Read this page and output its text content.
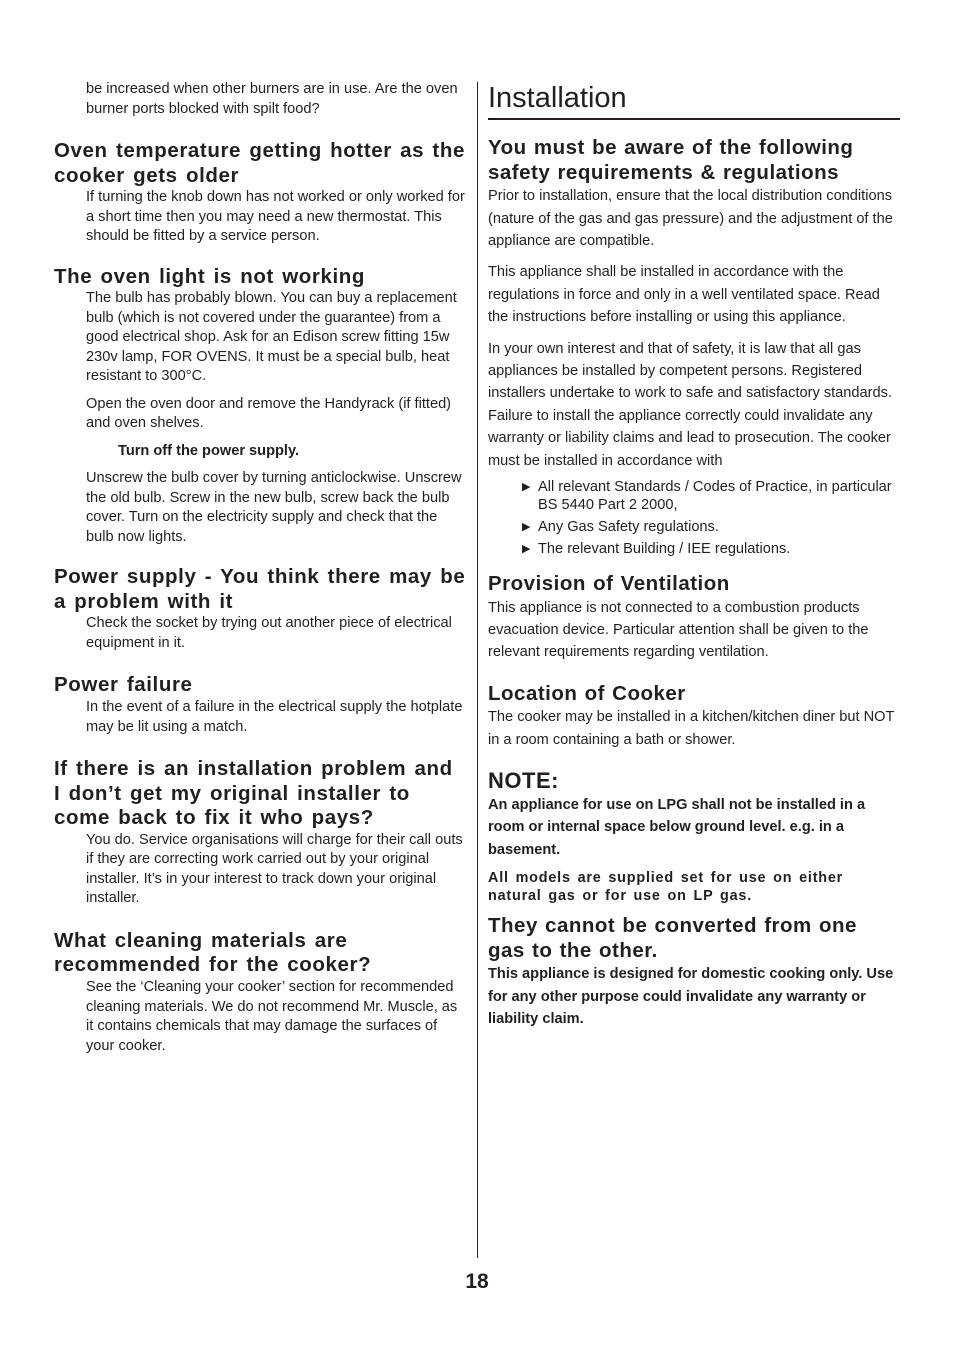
be increased when other burners are in use. Are the oven burner ports blocked with spilt food?

Oven temperature getting hotter as the cooker gets older

If turning the knob down has not worked or only worked for a short time then you may need a new thermostat. This should be fitted by a service person.

The oven light is not working

The bulb has probably blown. You can buy a replacement bulb (which is not covered under the guarantee) from a good electrical shop. Ask for an Edison screw fitting 15w 230v lamp, FOR OVENS. It must be a special bulb, heat resistant to 300°C.

Open the oven door and remove the Handyrack (if fitted) and oven shelves.

Turn off the power supply.

Unscrew the bulb cover by turning anticlockwise. Unscrew the old bulb. Screw in the new bulb, screw back the bulb cover. Turn on the electricity supply and check that the bulb now lights.

Power supply - You think there may be a problem with it

Check the socket by trying out another piece of electrical equipment in it.

Power failure

In the event of a failure in the electrical supply the hotplate may be lit using a match.

If there is an installation problem and I don’t get my original installer to come back to fix it who pays?

You do. Service organisations will charge for their call outs if they are correcting work carried out by your original installer. It’s in your interest to track down your original installer.

What cleaning materials are recommended for the cooker?

See the ‘Cleaning your cooker’ section for recommended cleaning materials. We do not recommend Mr. Muscle, as it contains chemicals that may damage the surfaces of your cooker.

Installation
You must be aware of the following safety requirements & regulations

Prior to installation, ensure that the local distribution conditions (nature of the gas and gas pressure) and the adjustment of the appliance are compatible.

This appliance shall be installed in accordance with the regulations in force and only in a well ventilated space. Read the instructions before installing or using this appliance.

In your own interest and that of safety, it is law that all gas appliances be installed by competent persons. Registered installers undertake to work to safe and satisfactory standards. Failure to install the appliance correctly could invalidate any warranty or liability claims and lead to prosecution. The cooker must be installed in accordance with

▶ All relevant Standards / Codes of Practice, in particular BS 5440 Part 2 2000,
▶ Any Gas Safety regulations.
▶ The relevant Building / IEE regulations.
Provision of Ventilation

This appliance is not connected to a combustion products evacuation device. Particular attention shall be given to the relevant requirements regarding ventilation.

Location of Cooker

The cooker may be installed in a kitchen/kitchen diner but NOT in a room containing a bath or shower.

NOTE:

An appliance for use on LPG shall not be installed in a room or internal space below ground level. e.g. in a basement.

All models are supplied set for use on either natural gas or for use on LP gas.

They cannot be converted from one gas to the other.

This appliance is designed for domestic cooking only. Use for any other purpose could invalidate any warranty or liability claim.

18
